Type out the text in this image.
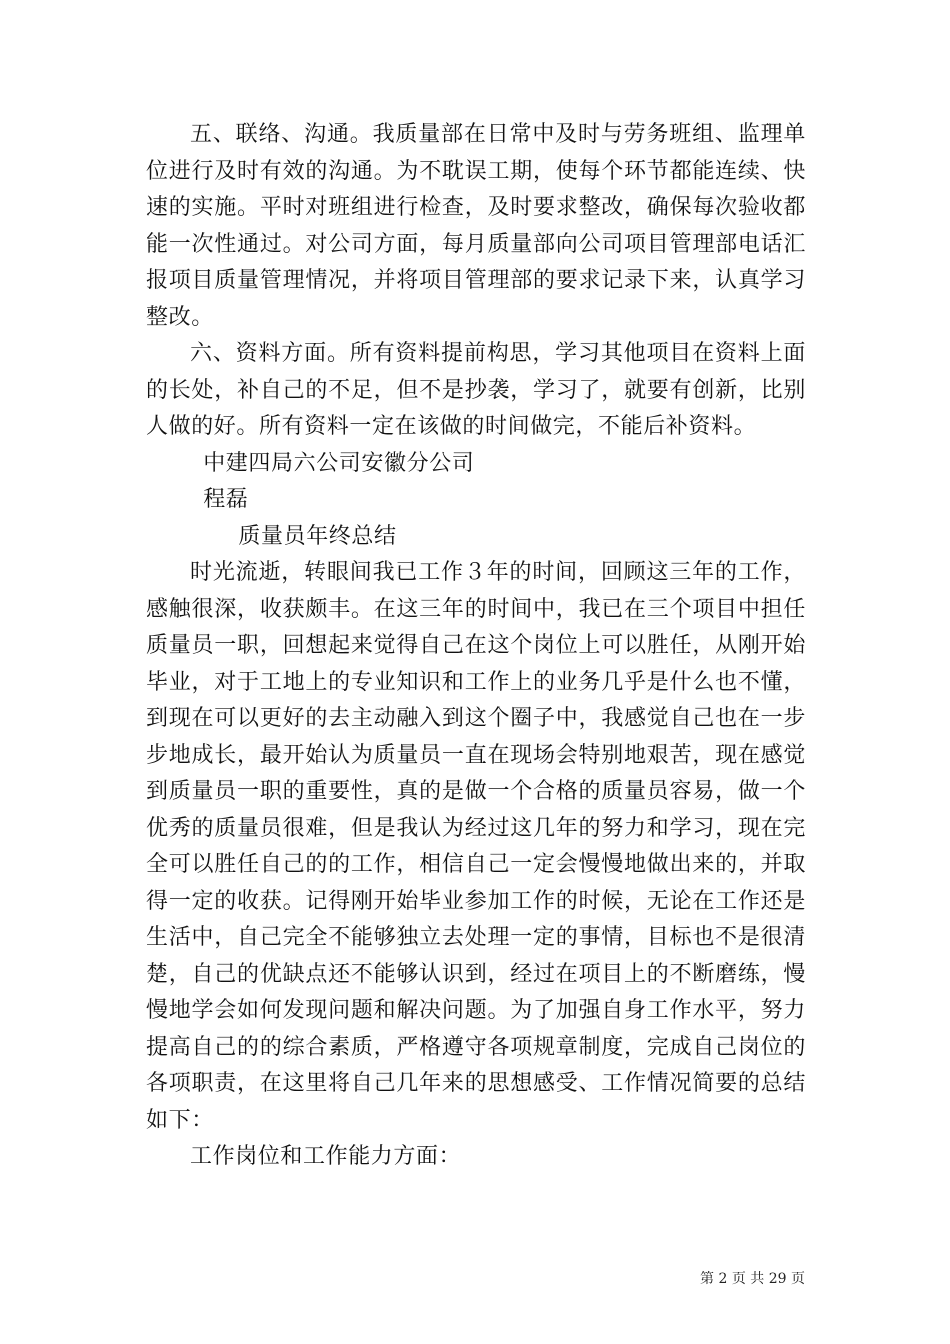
五、联络、沟通。我质量部在日常中及时与劳务班组、监理单位进行及时有效的沟通。为不耽误工期，使每个环节都能连续、快速的实施。平时对班组进行检查，及时要求整改，确保每次验收都能一次性通过。对公司方面，每月质量部向公司项目管理部电话汇报项目质量管理情况，并将项目管理部的要求记录下来，认真学习整改。

六、资料方面。所有资料提前构思，学习其他项目在资料上面的长处，补自己的不足，但不是抄袭，学习了，就要有创新，比别人做的好。所有资料一定在该做的时间做完，不能后补资料。

中建四局六公司安徽分公司

程磊

质量员年终总结

时光流逝，转眼间我已工作３年的时间，回顾这三年的工作，感触很深，收获颇丰。在这三年的时间中，我已在三个项目中担任质量员一职，回想起来觉得自己在这个岗位上可以胜任，从刚开始毕业，对于工地上的专业知识和工作上的业务几乎是什么也不懂，到现在可以更好的去主动融入到这个圈子中，我感觉自己也在一步步地成长，最开始认为质量员一直在现场会特别地艰苦，现在感觉到质量员一职的重要性，真的是做一个合格的质量员容易，做一个优秀的质量员很难，但是我认为经过这几年的努力和学习，现在完全可以胜任自己的的工作，相信自己一定会慢慢地做出来的，并取得一定的收获。记得刚开始毕业参加工作的时候，无论在工作还是生活中，自己完全不能够独立去处理一定的事情，目标也不是很清楚，自己的优缺点还不能够认识到，经过在项目上的不断磨练，慢慢地学会如何发现问题和解决问题。为了加强自身工作水平，努力提高自己的的综合素质，严格遵守各项规章制度，完成自己岗位的各项职责，在这里将自己几年来的思想感受、工作情况简要的总结如下：

工作岗位和工作能力方面：

第 2 页 共 29 页
